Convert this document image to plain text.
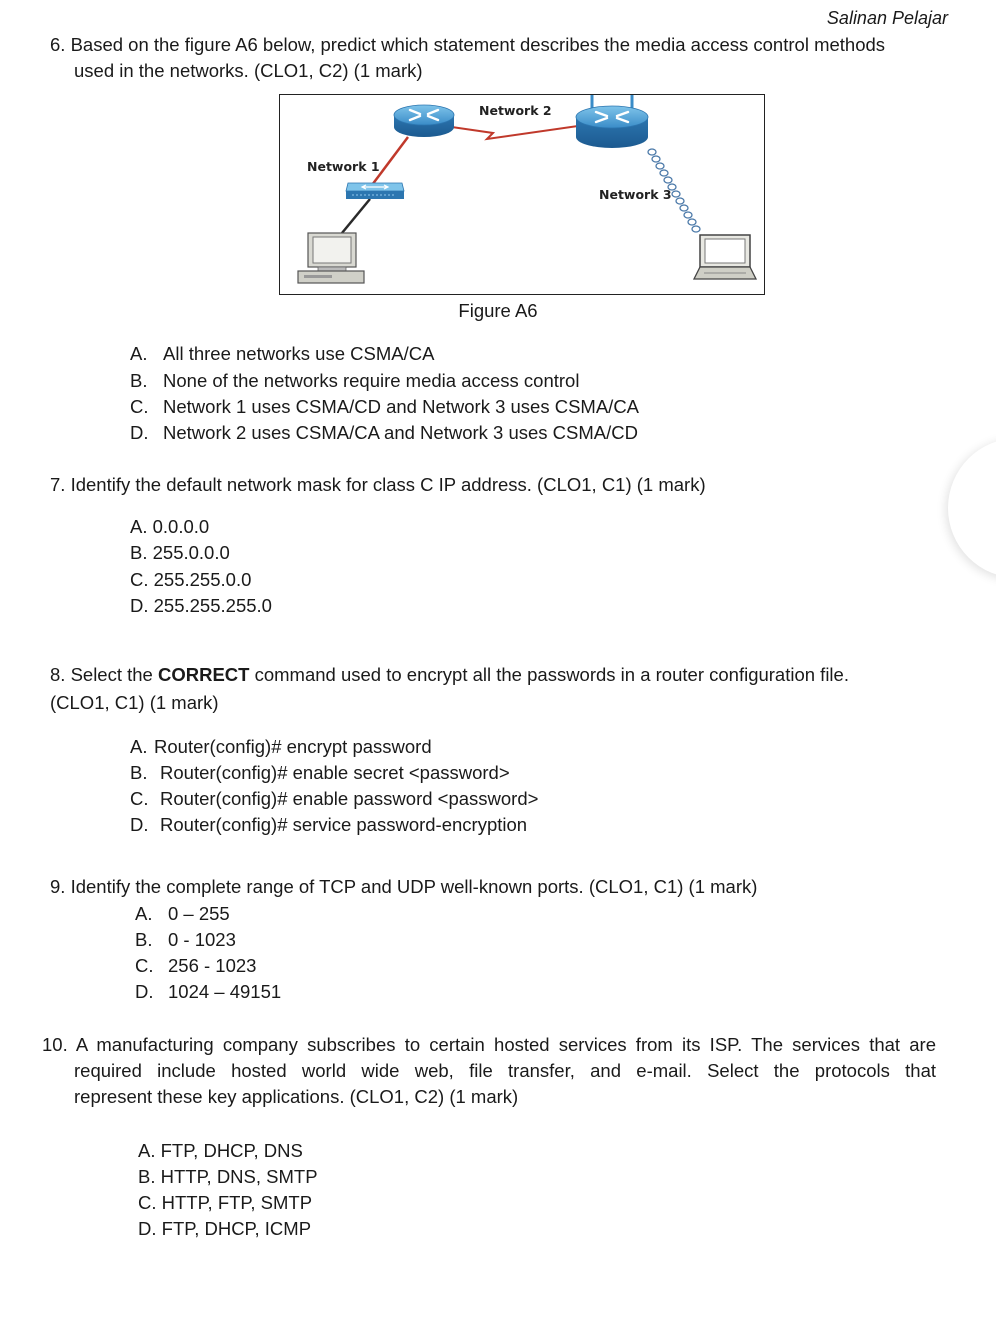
Salinan Pelajar
6. Based on the figure A6 below, predict which statement describes the media access control methods
used in the networks. (CLO1, C2) (1 mark)
Network 2
Network 1
Network 3
Figure A6
A. All three networks use CSMA/CA
B. None of the networks require media access control
C. Network 1 uses CSMA/CD and Network 3 uses CSMA/CA
D. Network 2 uses CSMA/CA and Network 3 uses CSMA/CD
7. Identify the default network mask for class C IP address. (CLO1, C1) (1 mark)
A. 0.0.0.0
B. 255.0.0.0
C. 255.255.0.0
D. 255.255.255.0
8. Select the CORRECT command used to encrypt all the passwords in a router configuration file.
(CLO1, C1) (1 mark)
A. Router(config)# encrypt password
B. Router(config)# enable secret <password>
C. Router(config)# enable password <password>
D. Router(config)# service password-encryption
9. Identify the complete range of TCP and UDP well-known ports. (CLO1, C1) (1 mark)
A. 0 – 255
B. 0 - 1023
C. 256 - 1023
D. 1024 – 49151
10. A manufacturing company subscribes to certain hosted services from its ISP. The services that are
required include hosted world wide web, file transfer, and e-mail. Select the protocols that
represent these key applications. (CLO1, C2) (1 mark)
A. FTP, DHCP, DNS
B. HTTP, DNS, SMTP
C. HTTP, FTP, SMTP
D. FTP, DHCP, ICMP
